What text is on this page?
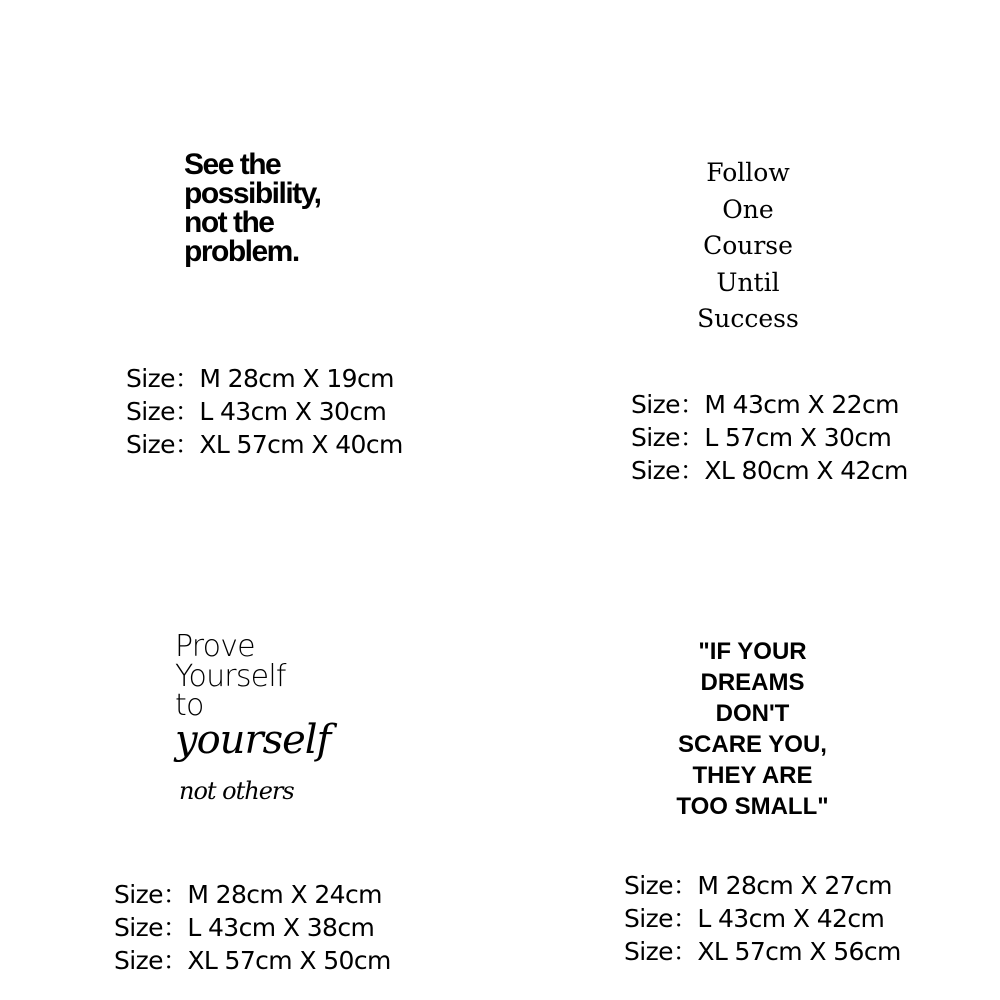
See the
possibility,
not the
problem.
Size：M 28cm X 19cm
Size：L 43cm X 30cm
Size：XL 57cm X 40cm
Follow
One
Course
Until
Success
Size：M 43cm X 22cm
Size：L 57cm X 30cm
Size：XL 80cm X 42cm
Prove
Yourself
to
yourself
not others
Size：M 28cm X 24cm
Size：L 43cm X 38cm
Size：XL 57cm X 50cm
"IF YOUR
DREAMS
DON'T
SCARE YOU,
THEY ARE
TOO SMALL"
Size：M 28cm X 27cm
Size：L 43cm X 42cm
Size：XL 57cm X 56cm
